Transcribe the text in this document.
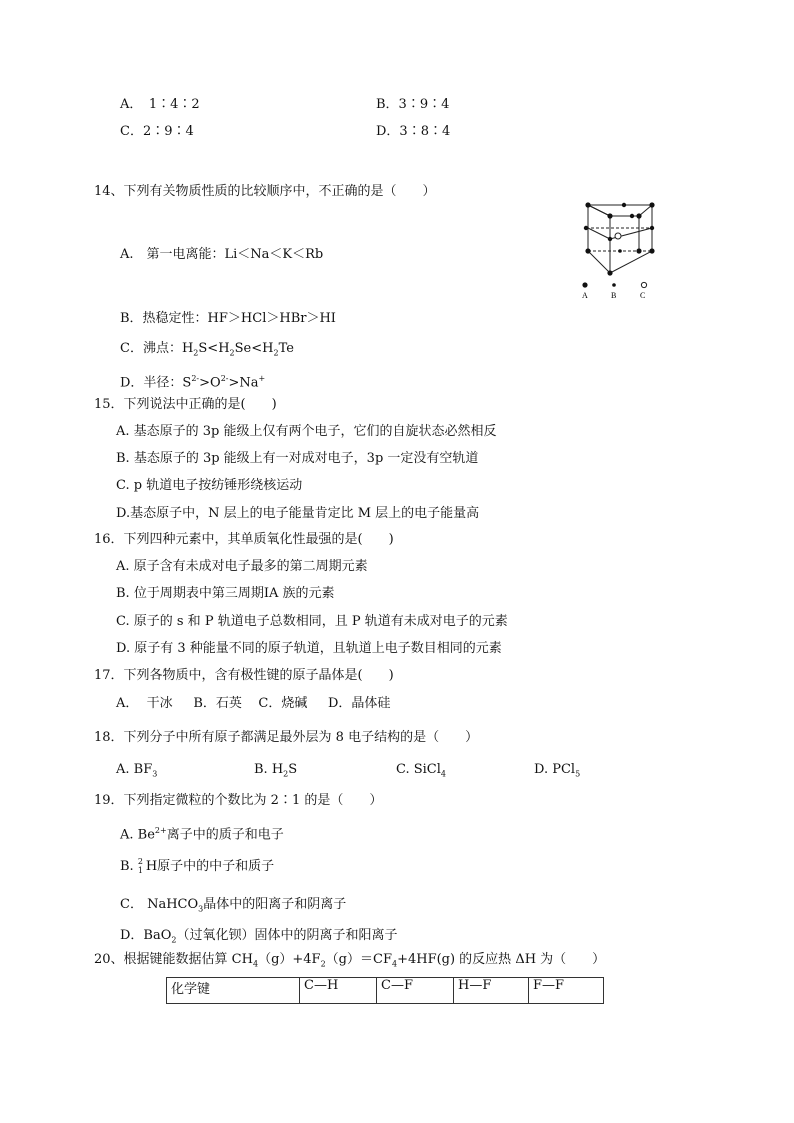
A．　1∶4∶2	B．3∶9∶4
C．2∶9∶4	D．3∶8∶4
14、下列有关物质性质的比较顺序中，不正确的是（　　）
A.　第一电离能：Li＜Na＜K＜Rb
B．热稳定性：HF＞HCl＞HBr＞HI
C．沸点：$H_2S<H_2Se<H_2Te$
D．半径：$S^{2-}>O^{2-}>Na^+$
A	B	C
15．下列说法中正确的是(　　)
A. 基态原子的 3p 能级上仅有两个电子，它们的自旋状态必然相反
B. 基态原子的 3p 能级上有一对成对电子，3p 一定没有空轨道
C. p 轨道电子按纺锤形绕核运动
D.基态原子中，N 层上的电子能量肯定比 M 层上的电子能量高
16．下列四种元素中，其单质氧化性最强的是(　　)
A. 原子含有未成对电子最多的第二周期元素
B. 位于周期表中第三周期ⅠA 族的元素
C. 原子的 s 和 P 轨道电子总数相同，且 P 轨道有未成对电子的元素
D. 原子有 3 种能量不同的原子轨道，且轨道上电子数目相同的元素
17．下列各物质中，含有极性键的原子晶体是(　　)
A．  干冰     B．石英    C．烧碱     D．晶体硅
18．下列分子中所有原子都满足最外层为 8 电子结构的是（　　）
A. $BF_3$	B. $H_2S$	C. SiCl$_4$	D. PCl$_5$
19．下列指定微粒的个数比为 2∶1 的是（　　）
A. $Be^{2+}$离子中的质子和电子
B. 2
1 H原子中的中子和质子
C． NaHCO$_3$晶体中的阳离子和阴离子
D．BaO$_2$（过氧化钡）固体中的阴离子和阳离子
20、根据键能数据估算 $CH_4(g)+4F_2(g)=CF_4+4HF(g)$ 的反应热 ΔH 为（　　）
化学键	C—H	C—F	H—F	F—F
